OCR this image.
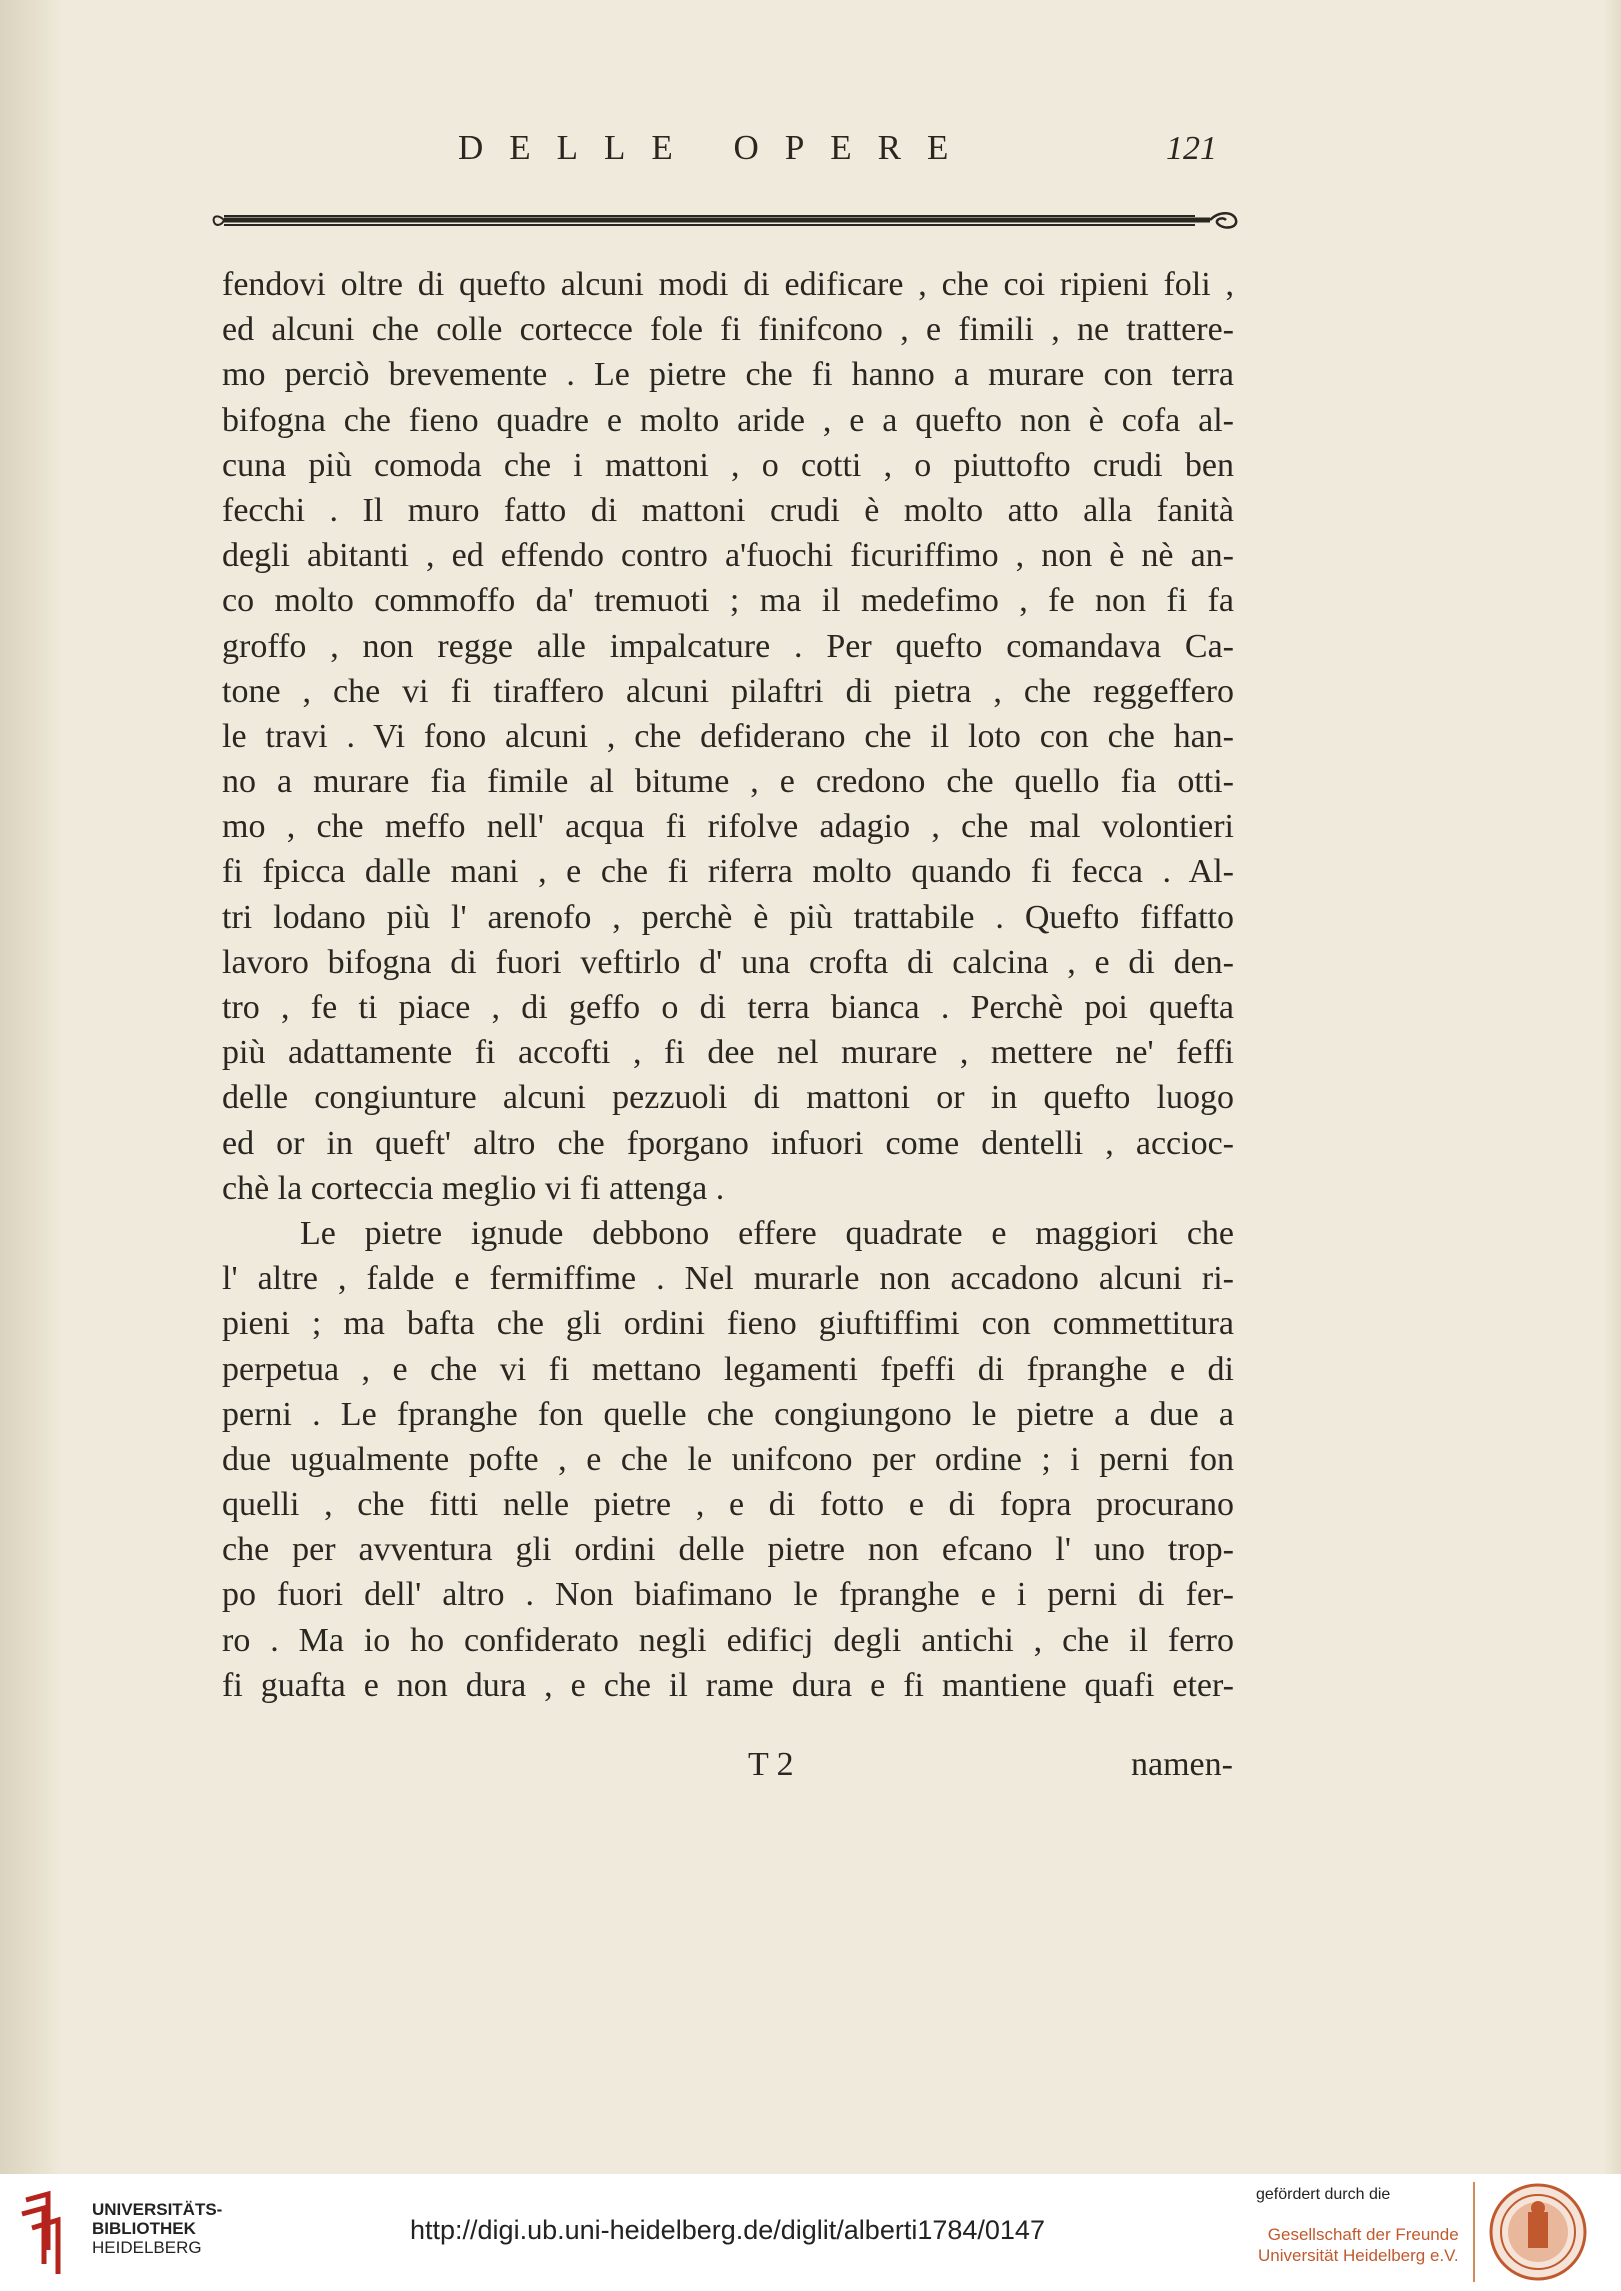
DELLE OPERE	121
fendovi oltre di quefto alcuni modi di edificare , che coi ripieni foli ,
ed alcuni che colle cortecce fole fi finifcono , e fimili , ne trattere-
mo perciò brevemente . Le pietre che fi hanno a murare con terra
bifogna che fieno quadre e molto aride , e a quefto non è cofa al-
cuna più comoda che i mattoni , o cotti , o piuttofto crudi ben
fecchi . Il muro fatto di mattoni crudi è molto atto alla fanità
degli abitanti , ed effendo contro a'fuochi ficuriffimo , non è nè an-
co molto commoffo da' tremuoti ; ma il medefimo , fe non fi fa
groffo , non regge alle impalcature . Per quefto comandava Ca-
tone , che vi fi tiraffero alcuni pilaftri di pietra , che reggeffero
le travi . Vi fono alcuni , che defiderano che il loto con che han-
no a murare fia fimile al bitume , e credono che quello fia otti-
mo , che meffo nell' acqua fi rifolve adagio , che mal volontieri
fi fpicca dalle mani , e che fi riferra molto quando fi fecca . Al-
tri lodano più l' arenofo , perchè è più trattabile . Quefto fiffatto
lavoro bifogna di fuori veftirlo d' una crofta di calcina , e di den-
tro , fe ti piace , di geffo o di terra bianca . Perchè poi quefta
più adattamente fi accofti , fi dee nel murare , mettere ne' feffi
delle congiunture alcuni pezzuoli di mattoni or in quefto luogo
ed or in queft' altro che fporgano infuori come dentelli , accioc-
chè la corteccia meglio vi fi attenga .
Le pietre ignude debbono effere quadrate e maggiori che
l' altre , falde e fermiffime . Nel murarle non accadono alcuni ri-
pieni ; ma bafta che gli ordini fieno giuftiffimi con commettitura
perpetua , e che vi fi mettano legamenti fpeffi di fpranghe e di
perni . Le fpranghe fon quelle che congiungono le pietre a due a
due ugualmente pofte , e che le unifcono per ordine ; i perni fon
quelli , che fitti nelle pietre , e di fotto e di fopra procurano
che per avventura gli ordini delle pietre non efcano l' uno trop-
po fuori dell' altro . Non biafimano le fpranghe e i perni di fer-
ro . Ma io ho confiderato negli edificj degli antichi , che il ferro
fi guafta e non dura , e che il rame dura e fi mantiene quafi eter-
T 2	namen-
UNIVERSITÄTS-
BIBLIOTHEK
HEIDELBERG
http://digi.ub.uni-heidelberg.de/diglit/alberti1784/0147
gefördert durch die
Gesellschaft der Freunde
Universität Heidelberg e.V.
